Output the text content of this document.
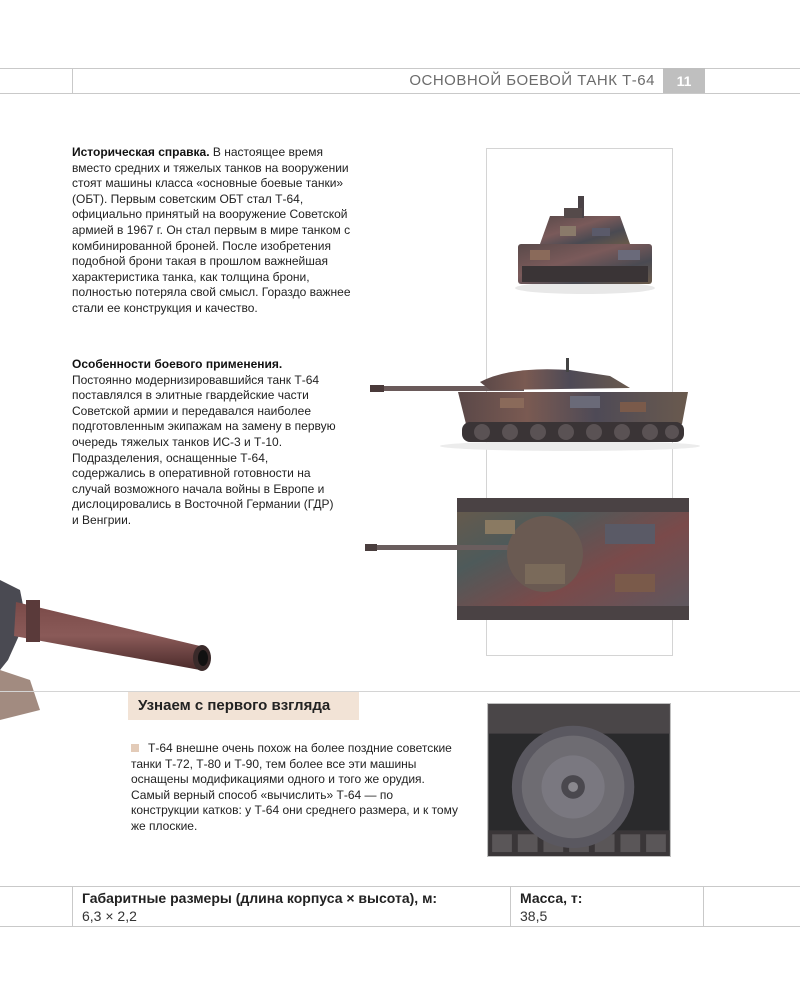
ОСНОВНОЙ БОЕВОЙ ТАНК Т-64	11
Историческая справка. В настоящее время вместо средних и тяжелых танков на вооружении стоят машины класса «основные боевые танки» (ОБТ). Первым советским ОБТ стал Т-64, официально принятый на вооружение Советской армией в 1967 г. Он стал первым в мире танком с комбинированной броней. После изобретения подобной брони такая в прошлом важнейшая характеристика танка, как толщина брони, полностью потеряла свой смысл. Гораздо важнее стали ее конструкция и качество.
Особенности боевого применения.
Постоянно модернизировавшийся танк Т-64 поставлялся в элитные гвардейские части Советской армии и передавался наиболее подготовленным экипажам на замену в первую очередь тяжелых танков ИС-3 и Т-10. Подразделения, оснащенные Т-64, содержались в оперативной готовности на случай возможного начала войны в Европе и дислоцировались в Восточной Германии (ГДР) и Венгрии.
Узнаем с первого взгляда
Т-64 внешне очень похож на более поздние советские танки Т-72, Т-80 и Т-90, тем более все эти машины оснащены модификациями одного и того же орудия. Самый верный способ «вычислить» Т-64 — по конструкции катков: у Т-64 они среднего размера, и к тому же плоские.
Габаритные размеры (длина корпуса × высота), м:
6,3 × 2,2
Масса, т:
38,5
